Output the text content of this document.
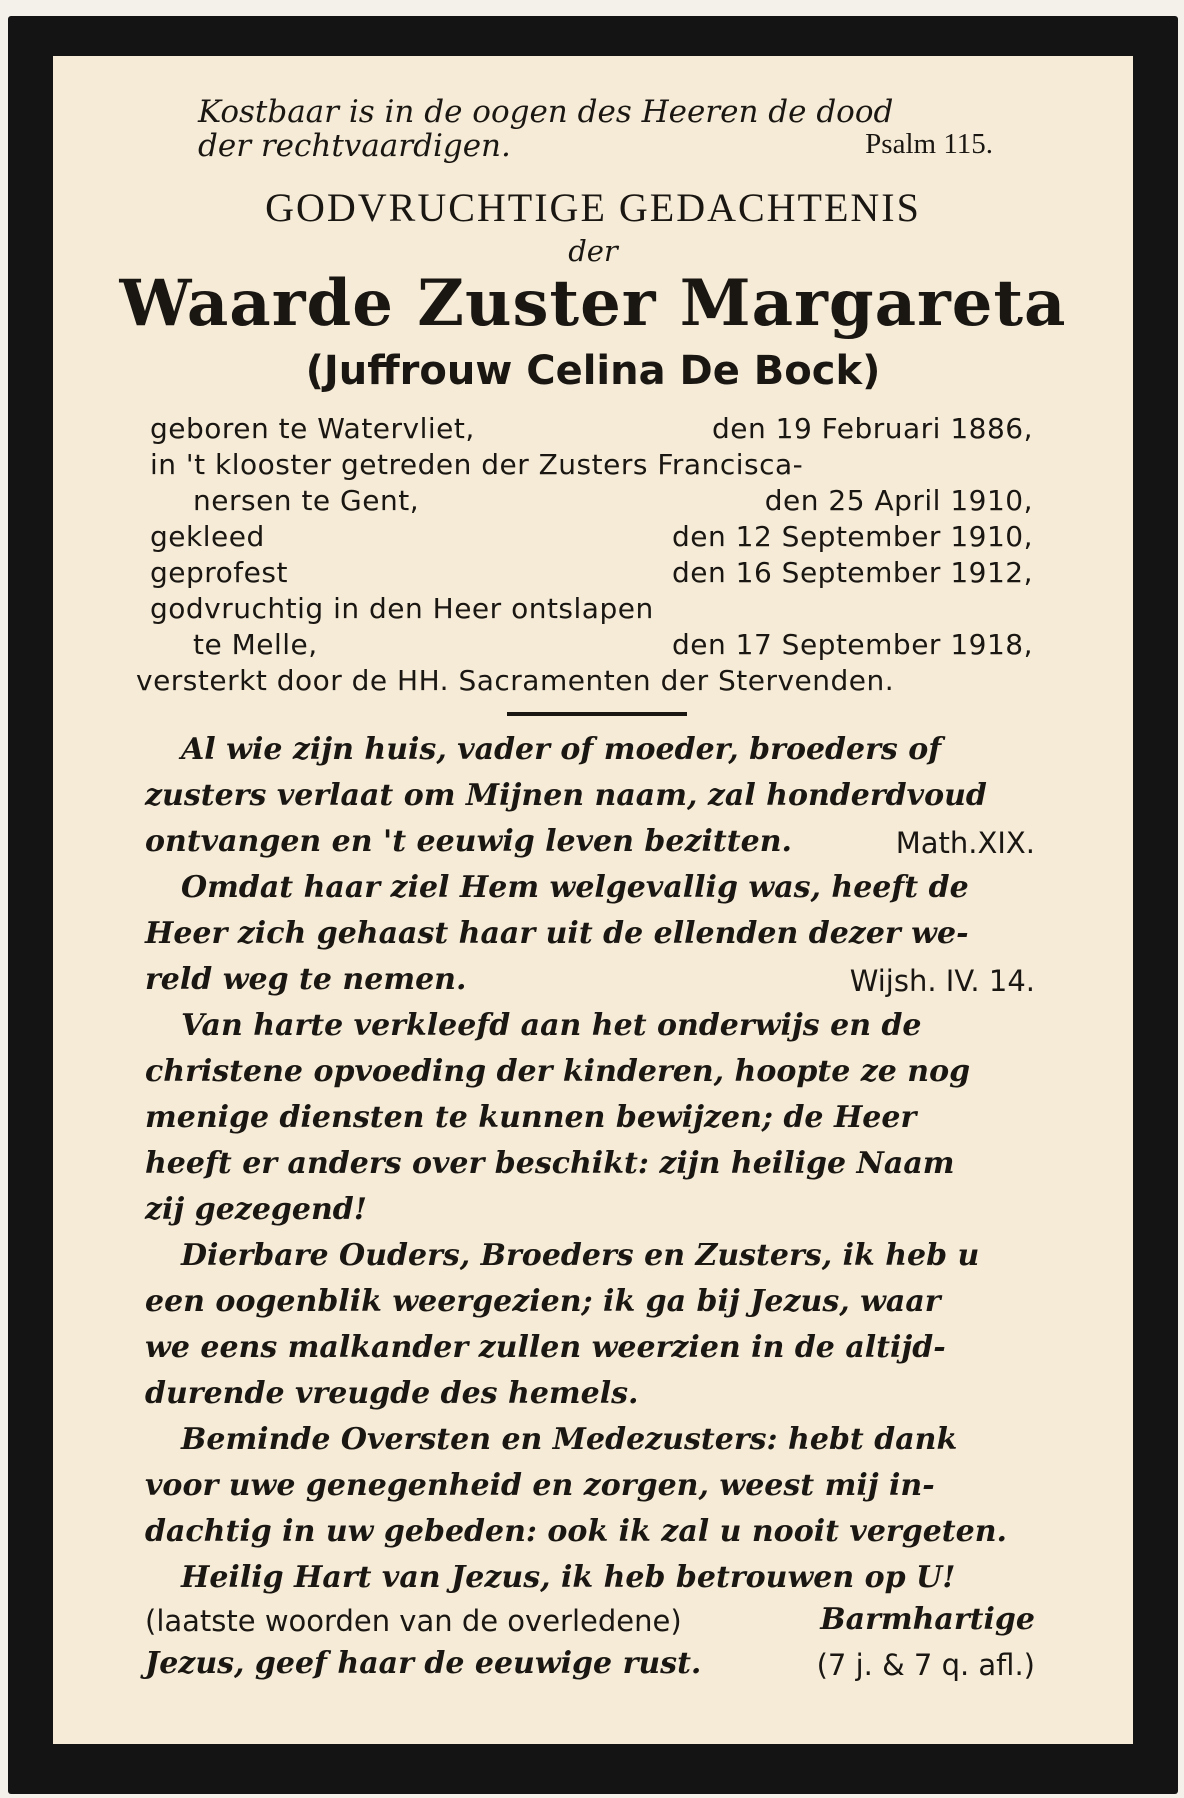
Kostbaar is in de oogen des Heeren de dood
der rechtvaardigen.	Psalm 115.
GODVRUCHTIGE GEDACHTENIS
der
Waarde Zuster Margareta
(Juffrouw Celina De Bock)
geboren te Watervliet,	den 19 Februari 1886,
in 't klooster getreden der Zusters Francisca-
nersen te Gent,	den 25 April 1910,
gekleed	den 12 September 1910,
geprofest	den 16 September 1912,
godvruchtig in den Heer ontslapen
te Melle,	den 17 September 1918,
versterkt door de HH. Sacramenten der Stervenden.
Al wie zijn huis, vader of moeder, broeders of
zusters verlaat om Mijnen naam, zal honderdvoud
ontvangen en 't eeuwig leven bezitten.	Math.XIX.
Omdat haar ziel Hem welgevallig was, heeft de
Heer zich gehaast haar uit de ellenden dezer we-
reld weg te nemen.	Wijsh. IV. 14.
Van harte verkleefd aan het onderwijs en de
christene opvoeding der kinderen, hoopte ze nog
menige diensten te kunnen bewijzen; de Heer
heeft er anders over beschikt: zijn heilige Naam
zij gezegend!
Dierbare Ouders, Broeders en Zusters, ik heb u
een oogenblik weergezien; ik ga bij Jezus, waar
we eens malkander zullen weerzien in de altijd-
durende vreugde des hemels.
Beminde Oversten en Medezusters: hebt dank
voor uwe genegenheid en zorgen, weest mij in-
dachtig in uw gebeden: ook ik zal u nooit vergeten.
Heilig Hart van Jezus, ik heb betrouwen op U!
(laatste woorden van de overledene)	Barmhartige
Jezus, geef haar de eeuwige rust.	(7 j. & 7 q. afl.)
